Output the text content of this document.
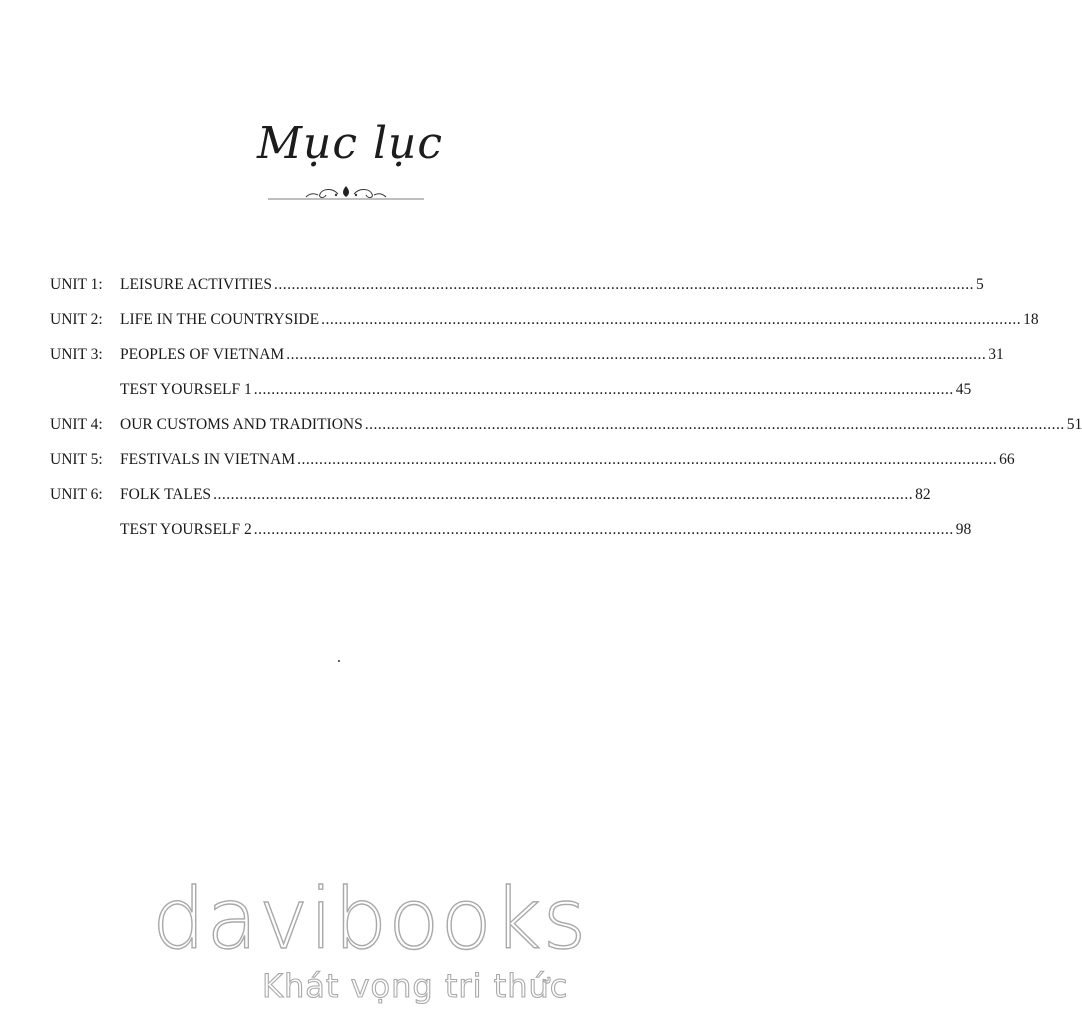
Mục lục
UNIT 1:	LEISURE ACTIVITIES ................................................................................................................................................................ 5
UNIT 2:	LIFE IN THE COUNTRYSIDE ................................................................................................................................................................ 18
UNIT 3:	PEOPLES OF VIETNAM ................................................................................................................................................................ 31
TEST YOURSELF 1 ................................................................................................................................................................ 45
UNIT 4:	OUR CUSTOMS AND TRADITIONS ................................................................................................................................................................ 51
UNIT 5:	FESTIVALS IN VIETNAM ................................................................................................................................................................ 66
UNIT 6:	FOLK TALES ................................................................................................................................................................ 82
TEST YOURSELF 2 ................................................................................................................................................................ 98
davibooks
Khát vọng tri thức
